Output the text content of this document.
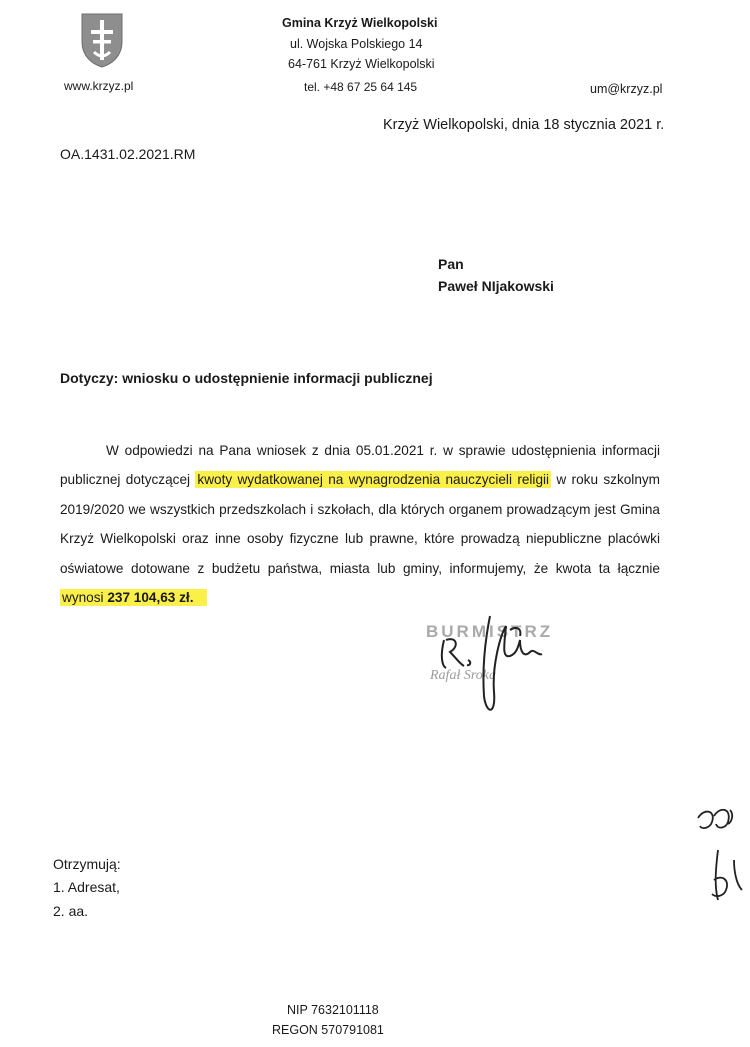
www.krzyz.pl
Gmina Krzyż Wielkopolski
ul. Wojska Polskiego 14
64-761 Krzyż Wielkopolski
tel. +48 67 25 64 145	um@krzyz.pl
Krzyż Wielkopolski, dnia 18 stycznia 2021 r.
OA.1431.02.2021.RM
Pan
Paweł NIjakowski
Dotyczy: wniosku o udostępnienie informacji publicznej
W odpowiedzi na Pana wniosek z dnia 05.01.2021 r. w sprawie udostępnienia informacji publicznej dotyczącej kwoty wydatkowanej na wynagrodzenia nauczycieli religii w roku szkolnym 2019/2020 we wszystkich przedszkolach i szkołach, dla których organem prowadzącym jest Gmina Krzyż Wielkopolski oraz inne osoby fizyczne lub prawne, które prowadzą niepubliczne placówki oświatowe dotowane z budżetu państwa, miasta lub gminy, informujemy, że kwota ta łącznie wynosi 237 104,63 zł.
BURMISTRZ
Rafał Sroka
Otrzymują:
1. Adresat,
2. aa.
NIP 7632101118
REGON 570791081
